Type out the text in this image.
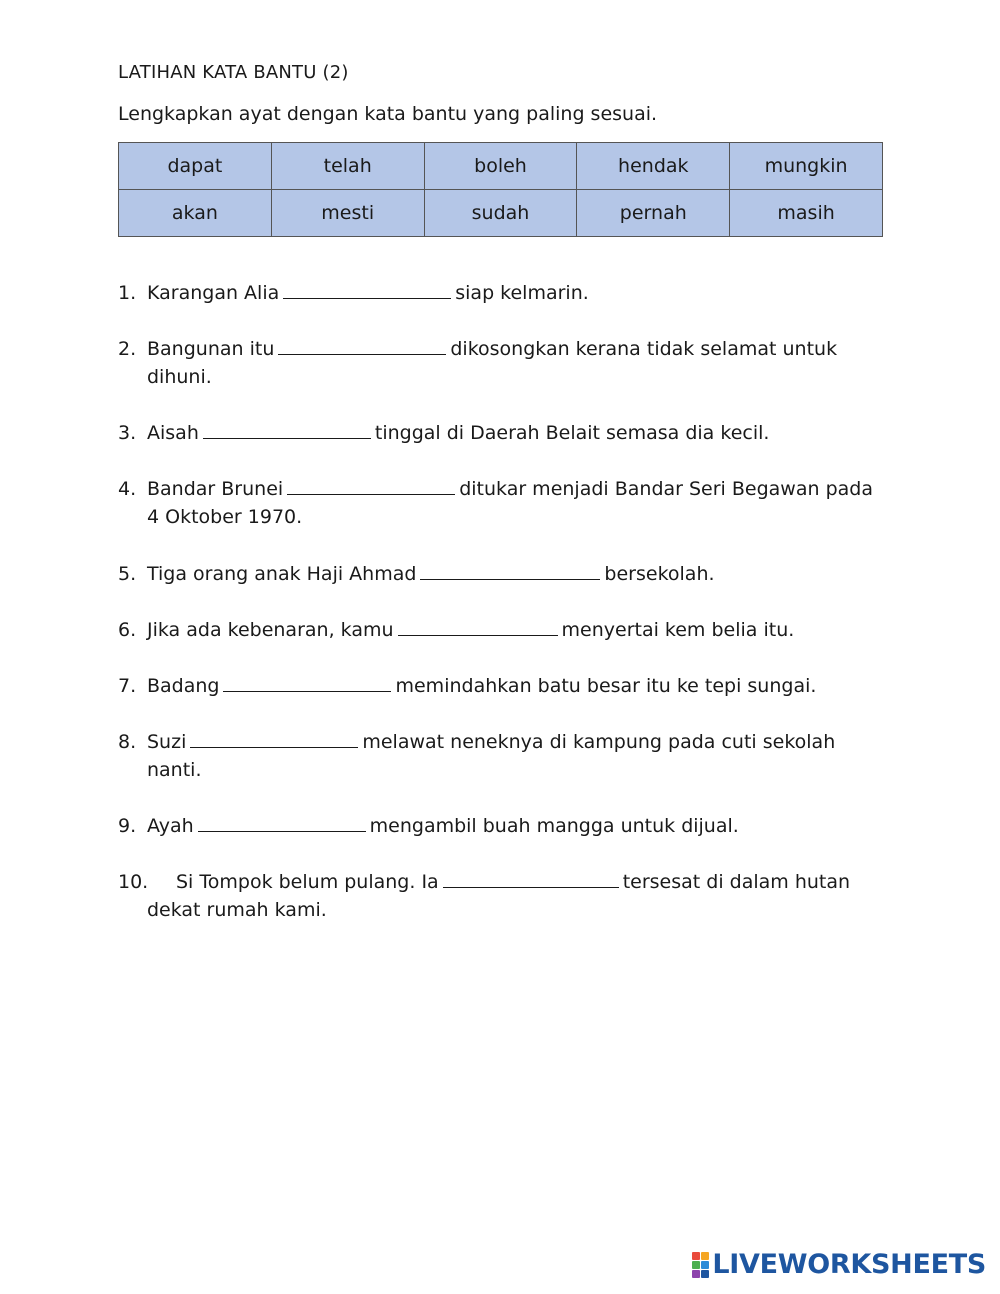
LATIHAN KATA BANTU (2)
Lengkapkan ayat dengan kata bantu yang paling sesuai.
dapat	telah	boleh	hendak	mungkin
akan	mesti	sudah	pernah	masih
1. Karangan Alia	siap kelmarin.
2. Bangunan itu	dikosongkan kerana tidak selamat untuk dihuni.
3. Aisah	tinggal di Daerah Belait semasa dia kecil.
4. Bandar Brunei	ditukar menjadi Bandar Seri Begawan pada 4 Oktober 1970.
5. Tiga orang anak Haji Ahmad	bersekolah.
6. Jika ada kebenaran, kamu	menyertai kem belia itu.
7. Badang	memindahkan batu besar itu ke tepi sungai.
8. Suzi	melawat neneknya di kampung pada cuti sekolah nanti.
9. Ayah	mengambil buah mangga untuk dijual.
10.	Si Tompok belum pulang. Ia	tersesat di dalam hutan dekat rumah kami.
LIVEWORKSHEETS
